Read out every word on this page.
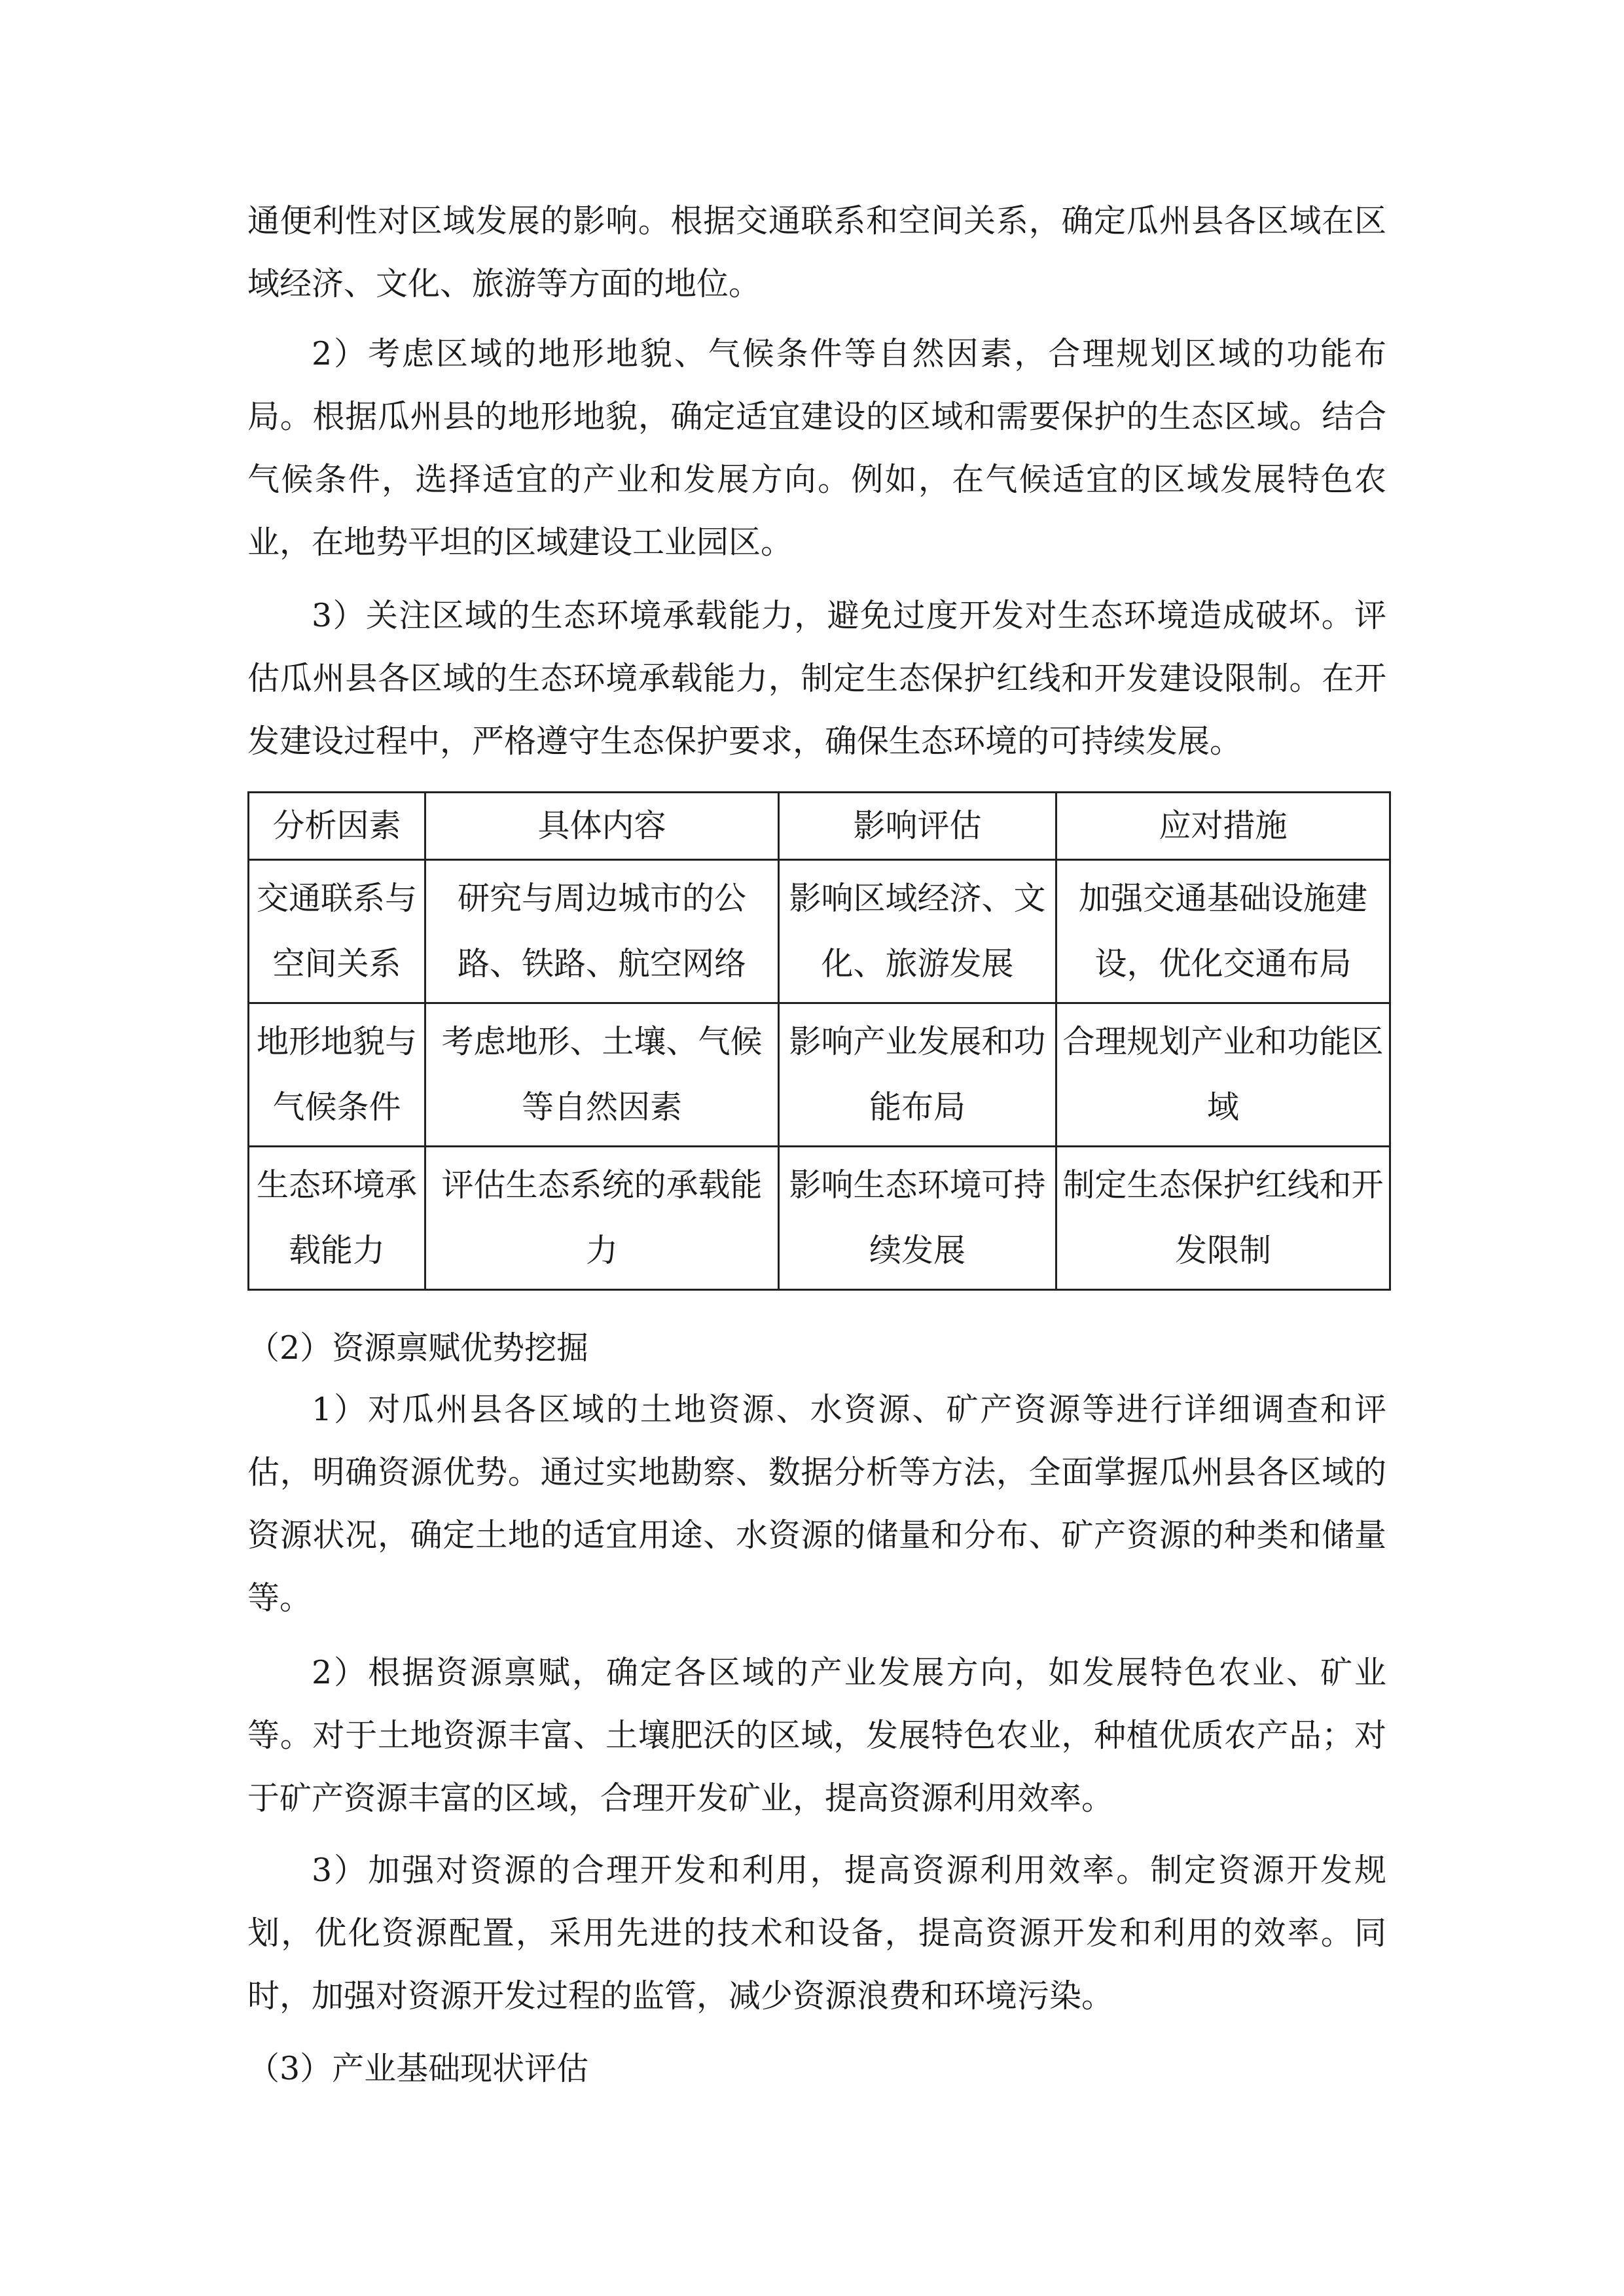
通便利性对区域发展的影响。根据交通联系和空间关系，确定瓜州县各区域在区域经济、文化、旅游等方面的地位。

2）考虑区域的地形地貌、气候条件等自然因素，合理规划区域的功能布局。根据瓜州县的地形地貌，确定适宜建设的区域和需要保护的生态区域。结合气候条件，选择适宜的产业和发展方向。例如，在气候适宜的区域发展特色农业，在地势平坦的区域建设工业园区。

3）关注区域的生态环境承载能力，避免过度开发对生态环境造成破坏。评估瓜州县各区域的生态环境承载能力，制定生态保护红线和开发建设限制。在开发建设过程中，严格遵守生态保护要求，确保生态环境的可持续发展。

分析因素	具体内容	影响评估	应对措施
交通联系与空间关系	研究与周边城市的公路、铁路、航空网络	影响区域经济、文化、旅游发展	加强交通基础设施建设，优化交通布局
地形地貌与气候条件	考虑地形、土壤、气候等自然因素	影响产业发展和功能布局	合理规划产业和功能区域
生态环境承载能力	评估生态系统的承载能力	影响生态环境可持续发展	制定生态保护红线和开发限制

（2）资源禀赋优势挖掘

1）对瓜州县各区域的土地资源、水资源、矿产资源等进行详细调查和评估，明确资源优势。通过实地勘察、数据分析等方法，全面掌握瓜州县各区域的资源状况，确定土地的适宜用途、水资源的储量和分布、矿产资源的种类和储量等。

2）根据资源禀赋，确定各区域的产业发展方向，如发展特色农业、矿业等。对于土地资源丰富、土壤肥沃的区域，发展特色农业，种植优质农产品；对于矿产资源丰富的区域，合理开发矿业，提高资源利用效率。

3）加强对资源的合理开发和利用，提高资源利用效率。制定资源开发规划，优化资源配置，采用先进的技术和设备，提高资源开发和利用的效率。同时，加强对资源开发过程的监管，减少资源浪费和环境污染。

（3）产业基础现状评估
